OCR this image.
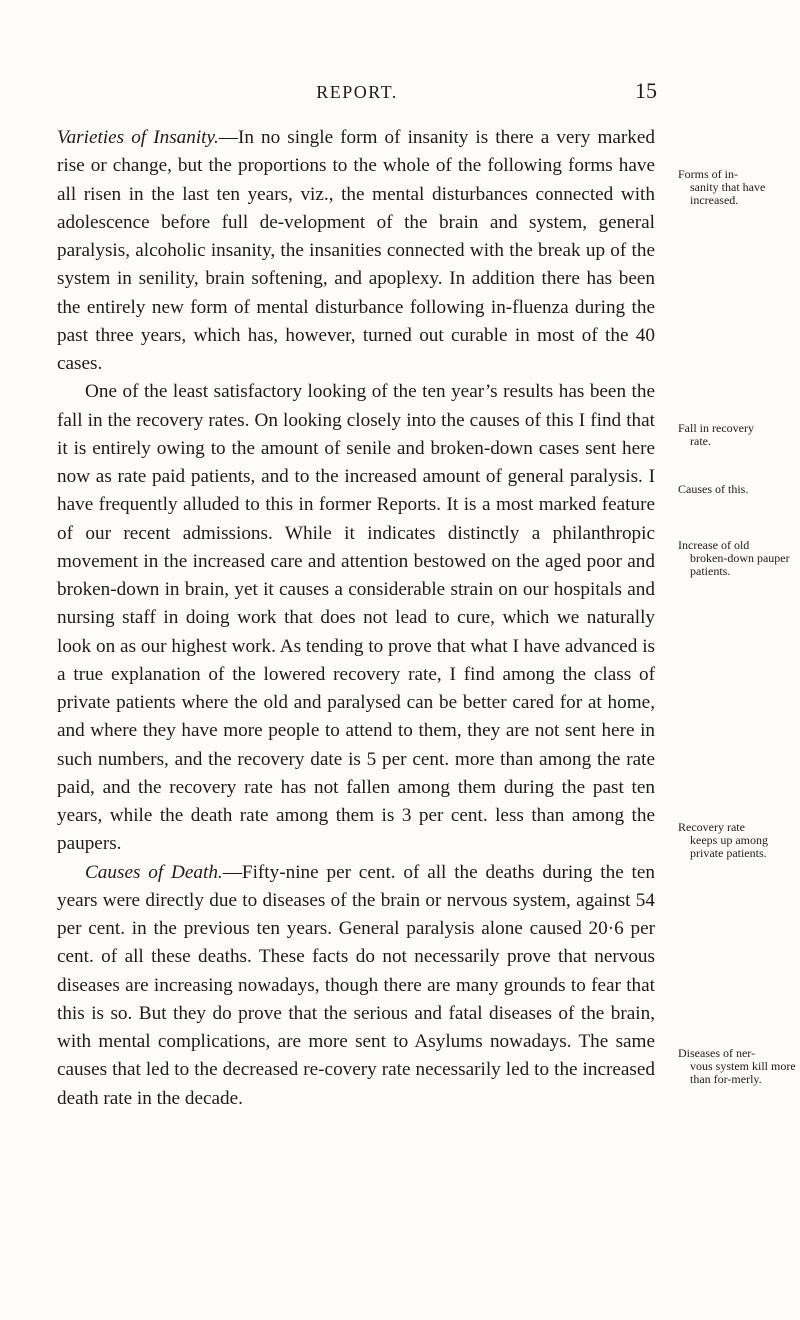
REPORT.	15

Varieties of Insanity.—In no single form of insanity is there a very marked rise or change, but the proportions to the whole of the following forms have all risen in the last ten years, viz., the mental disturbances connected with adolescence before full de-velopment of the brain and system, general paralysis, alcoholic insanity, the insanities connected with the break up of the system in senility, brain softening, and apoplexy. In addition there has been the entirely new form of mental disturbance following in-fluenza during the past three years, which has, however, turned out curable in most of the 40 cases.

One of the least satisfactory looking of the ten year’s results has been the fall in the recovery rates. On looking closely into the causes of this I find that it is entirely owing to the amount of senile and broken-down cases sent here now as rate paid patients, and to the increased amount of general paralysis. I have frequently alluded to this in former Reports. It is a most marked feature of our recent admissions. While it indicates distinctly a philanthropic movement in the increased care and attention bestowed on the aged poor and broken-down in brain, yet it causes a considerable strain on our hospitals and nursing staff in doing work that does not lead to cure, which we naturally look on as our highest work. As tending to prove that what I have advanced is a true explanation of the lowered recovery rate, I find among the class of private patients where the old and paralysed can be better cared for at home, and where they have more people to attend to them, they are not sent here in such numbers, and the recovery date is 5 per cent. more than among the rate paid, and the recovery rate has not fallen among them during the past ten years, while the death rate among them is 3 per cent. less than among the paupers.

Causes of Death.—Fifty-nine per cent. of all the deaths during the ten years were directly due to diseases of the brain or nervous system, against 54 per cent. in the previous ten years. General paralysis alone caused 20·6 per cent. of all these deaths. These facts do not necessarily prove that nervous diseases are increasing nowadays, though there are many grounds to fear that this is so. But they do prove that the serious and fatal diseases of the brain, with mental complications, are more sent to Asylums nowadays. The same causes that led to the decreased re-covery rate necessarily led to the increased death rate in the decade.

Forms of in-
sanity that have increased.
Fall in recovery
rate.
Causes of this.
Increase of old
broken-down pauper patients.
Recovery rate
keeps up among private patients.
Diseases of ner-
vous system kill more than for-merly.
